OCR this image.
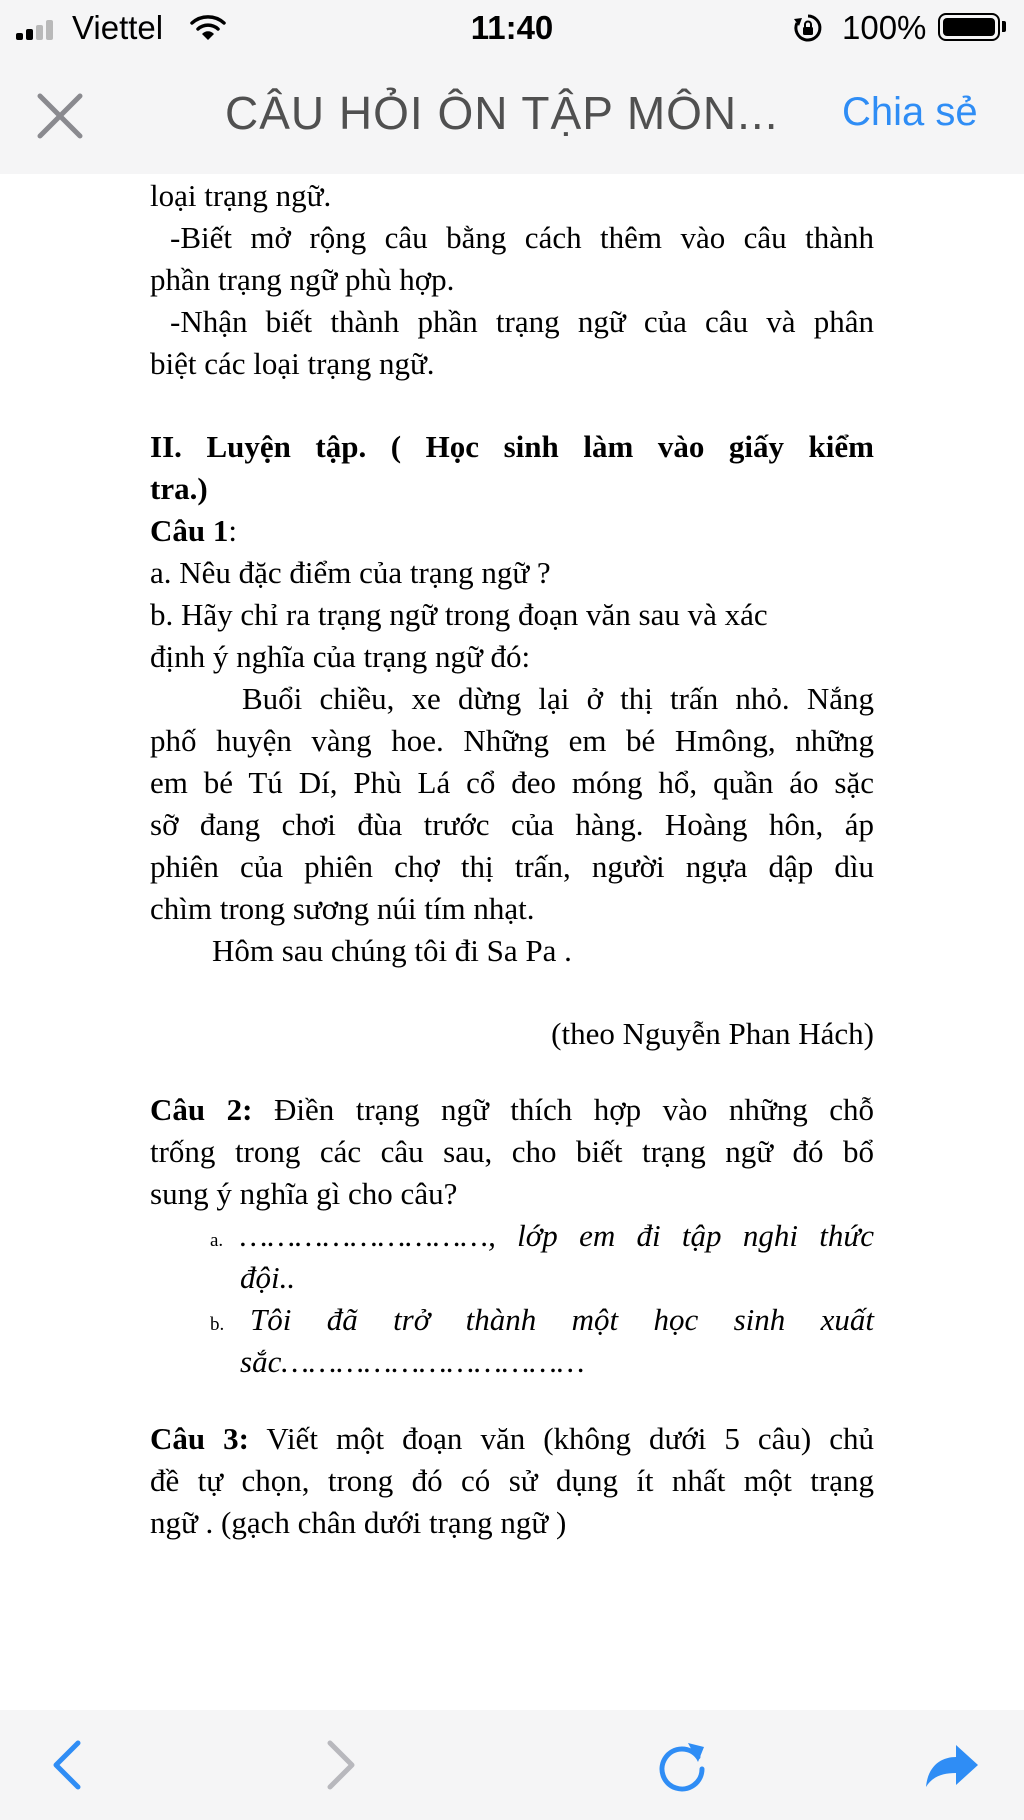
Viettel	11:40	100%
CÂU HỎI ÔN TẬP MÔN...	Chia sẻ
loại trạng ngữ.
-Biết mở rộng câu bằng cách thêm vào câu thành
phần trạng ngữ phù hợp.
-Nhận biết thành phần trạng ngữ của câu và phân
biệt các loại trạng ngữ.
II. Luyện tập. ( Học sinh làm vào giấy kiểm
tra.)
Câu 1:
a. Nêu đặc điểm của trạng ngữ ?
b. Hãy chỉ ra trạng ngữ trong đoạn văn sau và xác
định ý nghĩa của trạng ngữ đó:
Buổi chiều, xe dừng lại ở thị trấn nhỏ. Nắng
phố huyện vàng hoe. Những em bé Hmông, những
em bé Tú Dí, Phù Lá cổ đeo móng hổ, quần áo sặc
sỡ đang chơi đùa trước của hàng. Hoàng hôn, áp
phiên của phiên chợ thị trấn, người ngựa dập dìu
chìm trong sương núi tím nhạt.
Hôm sau chúng tôi đi Sa Pa .
(theo Nguyễn Phan Hách)
Câu 2: Điền trạng ngữ thích hợp vào những chỗ
trống trong các câu sau, cho biết trạng ngữ đó bổ
sung ý nghĩa gì cho câu?
a. ………………………, lớp em đi tập nghi thức
đội..
b. Tôi đã trở thành một học sinh xuất
sắc……………………………
Câu 3: Viết một đoạn văn (không dưới 5 câu) chủ
đề tự chọn, trong đó có sử dụng ít nhất một trạng
ngữ . (gạch chân dưới trạng ngữ )
